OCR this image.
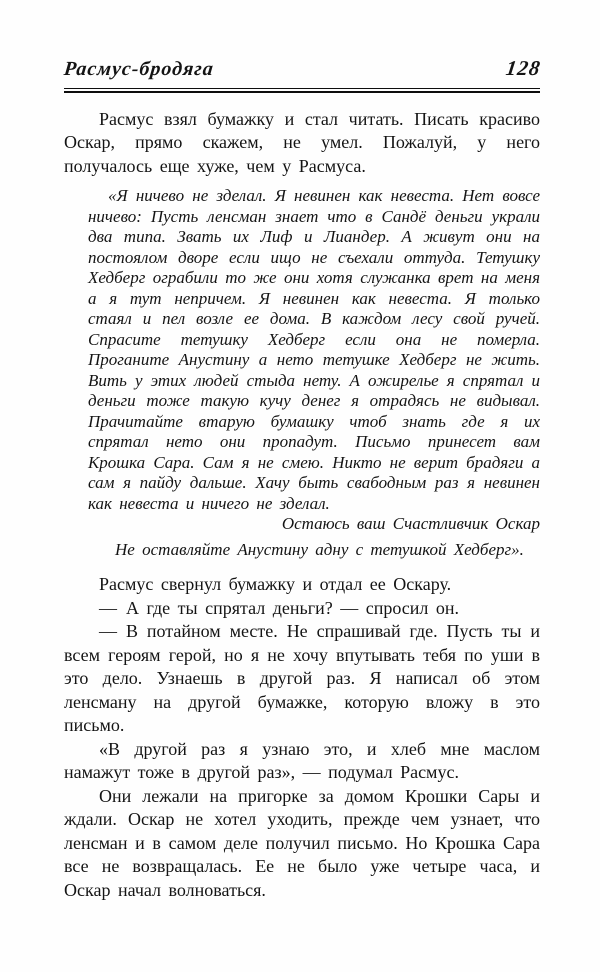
Расмус-бродяга	128

Расмус взял бумажку и стал читать. Писать красиво Оскар, прямо скажем, не умел. Пожалуй, у него получалось еще хуже, чем у Расмуса.

«Я ничево не зделал. Я невинен как невеста. Нет вовсе ничево: Пусть ленсман знает что в Сандё деньги украли два типа. Звать их Лиф и Лиандер. А живут они на постоялом дворе если ищо не съехали оттуда. Тетушку Хедберг ограбили то же они хотя служанка врет на меня а я тут непричем. Я невинен как невеста. Я только стаял и пел возле ее дома. В каждом лесу свой ручей. Спрасите тетушку Хедберг если она не померла. Проганите Анустину а нето тетушке Хедберг не жить. Вить у этих людей стыда нету. А ожирелье я спрятал и деньги тоже такую кучу денег я отрадясь не видывал. Прачитайте втарую бумашку чтоб знать где я их спрятал нето они пропадут. Письмо принесет вам Крошка Сара. Сам я не смею. Никто не верит брадяги а сам я пайду дальше. Хачу быть свабодным раз я невинен как невеста и ничего не зделал.

Остаюсь ваш Счастливчик Оскар

Не оставляйте Анустину адну с тетушкой Хедберг».

Расмус свернул бумажку и отдал ее Оскару.

— А где ты спрятал деньги? — спросил он.

— В потайном месте. Не спрашивай где. Пусть ты и всем героям герой, но я не хочу впутывать тебя по уши в это дело. Узнаешь в другой раз. Я написал об этом ленсману на другой бумажке, которую вложу в это письмо.

«В другой раз я узнаю это, и хлеб мне маслом намажут тоже в другой раз», — подумал Расмус.

Они лежали на пригорке за домом Крошки Сары и ждали. Оскар не хотел уходить, прежде чем узнает, что ленсман и в самом деле получил письмо. Но Крошка Сара все не возвращалась. Ее не было уже четыре часа, и Оскар начал волноваться.
